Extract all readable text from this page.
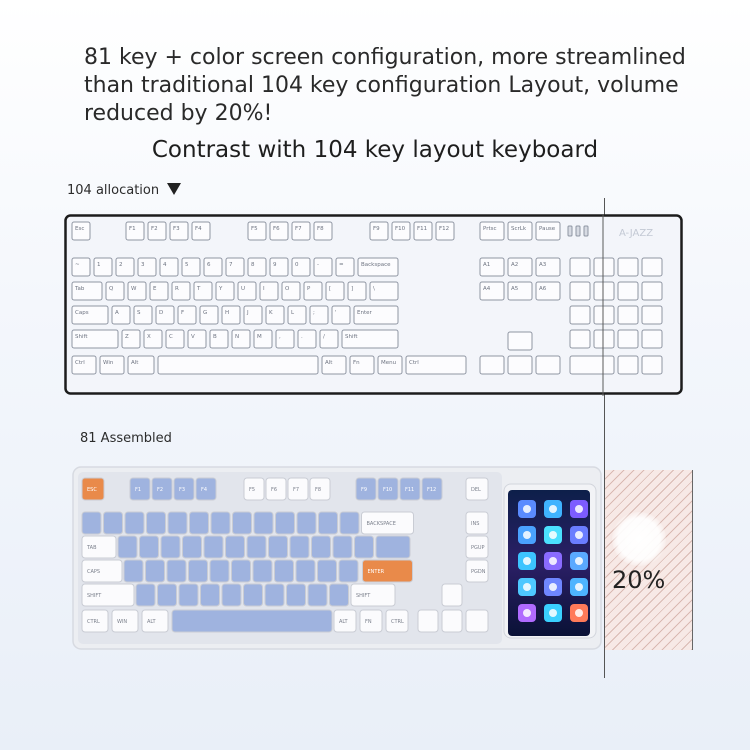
81 key + color screen configuration, more streamlined than traditional 104 key configuration Layout, volume reduced by 20%!
Contrast with 104 key layout keyboard
104 allocation
81 Assembled
Esc	F1	F2	F3	F4	F5	F6	F7	F8	F9	F10 F11 F12	Prtsc	ScrLk Pause	A-JAZZ
~	1	2	3	4	5	6	7	8	9	0	-	=	Backspace
Tab	Q	W	E	R	T	Y	U	I	O	P	[	]	\
Caps	A	S	D	F	G	H	J	K	L	;	'	Enter
Shift	Z	X	C	V	B	N	M	,	.	/	Shift
Ctrl	Win	Alt	Alt	Fn	Menu Ctrl
A1	A2	A3
A4	A5	A6
ESC	F1	F2	F3	F4	F5	F6	F7	F8	F9	F10	F11	F12	DEL
BACKSPACE	INS
TAB	PGUP
CAPS	ENTER	PGDN
SHIFT	SHIFT
CTRL	WIN	ALT	ALT	FN	CTRL
20%
